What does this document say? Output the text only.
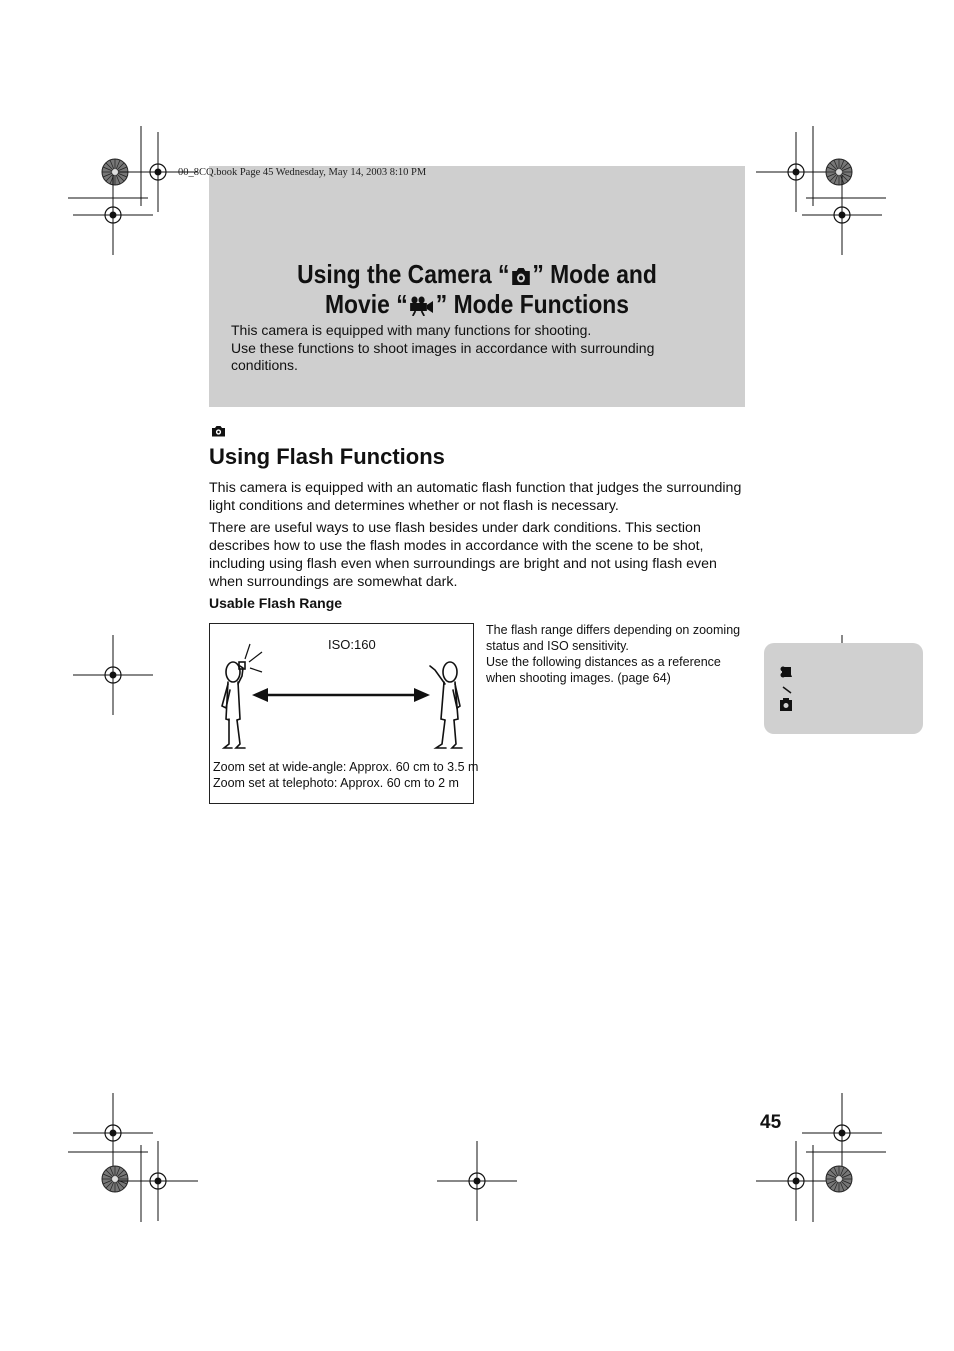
Using the Camera “ ” Mode and
Movie “ ” Mode Functions
This camera is equipped with many functions for shooting.
Use these functions to shoot images in accordance with surrounding conditions.
00_8CQ.book Page 45 Wednesday, May 14, 2003 8:10 PM
Using Flash Functions

This camera is equipped with an automatic flash function that judges the surrounding light conditions and determines whether or not flash is necessary.

There are useful ways to use flash besides under dark conditions. This section describes how to use the flash modes in accordance with the scene to be shot, including using flash even when surroundings are bright and not using flash even when surroundings are somewhat dark.

Usable Flash Range
ISO:160
Zoom set at wide-angle: Approx. 60 cm to 3.5 m
Zoom set at telephoto: Approx. 60 cm to 2 m
The flash range differs depending on zooming status and ISO sensitivity.
Use the following distances as a reference when shooting images. (page 64)
45
